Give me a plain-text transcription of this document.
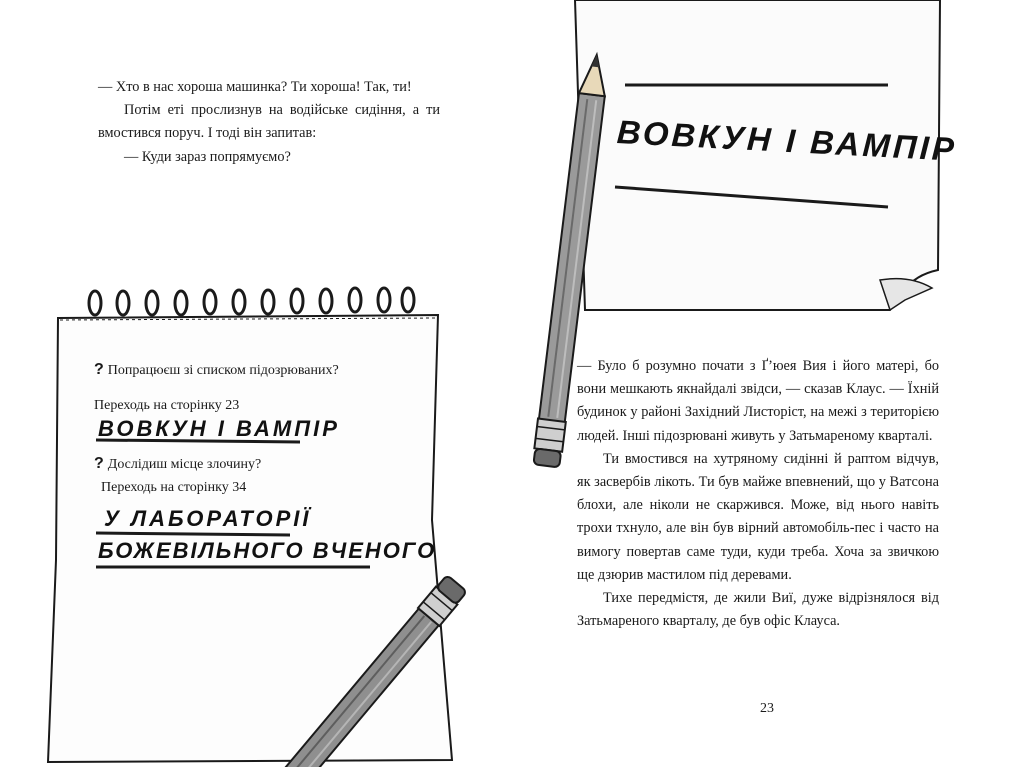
— Хто в нас хороша машинка? Ти хороша! Так, ти!

Потім еті прослизнув на водійське сидіння, а ти вмостився поруч. І тоді він запитав:

— Куди зараз попрямуємо?	ВОВКУН І ВАМПІР
? Попрацюєш зі списком підозрюваних?
Переходь на сторінку 23
ВОВКУН І ВАМПІР
? Дослідиш місце злочину?
Переходь на сторінку 34
У ЛАБОРАТОРІЇ
БОЖЕВІЛЬНОГО ВЧЕНОГО

— Було б розумно почати з Ґ’юея Вия і його матері, бо вони мешкають якнайдалі звідси, — сказав Клаус. — Їхній будинок у районі Західний Листоріст, на межі з територією людей. Інші підозрювані живуть у Затьмареному кварталі.

Ти вмостився на хутряному сидінні й раптом відчув, як засвербів лікоть. Ти був майже впевнений, що у Ватсона блохи, але ніколи не скаржився. Може, від нього навіть трохи тхнуло, але він був вірний автомобіль-пес і часто на вимогу повертав саме туди, куди треба. Хоча за звичкою ще дзюрив мастилом під деревами.

Тихе передмістя, де жили Виї, дуже відрізнялося від Затьмареного кварталу, де був офіс Клауса.

23
